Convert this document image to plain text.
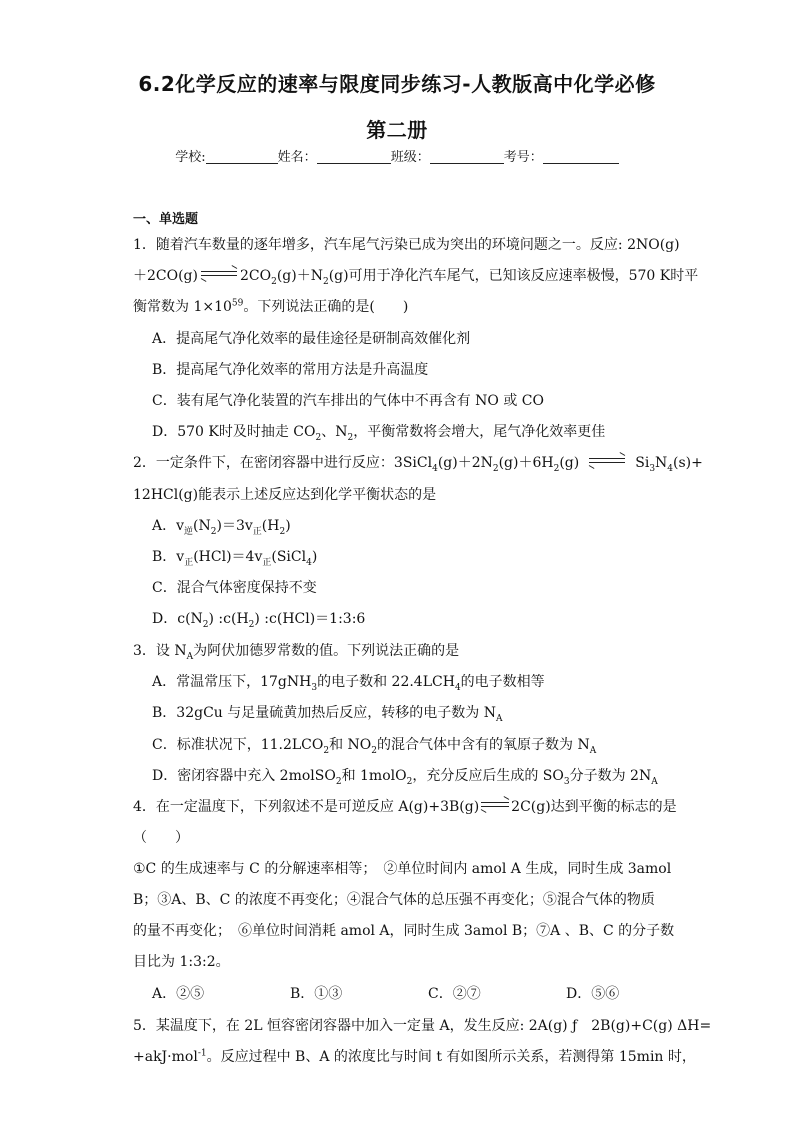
6.2化学反应的速率与限度同步练习-人教版高中化学必修
第二册
学校:	姓名：	班级：	考号：
一、单选题
1．随着汽车数量的逐年增多，汽车尾气污染已成为突出的环境问题之一。反应: 2NO(g)
＋2CO(g)	$2CO_2(g)+N_2(g)$可用于净化汽车尾气，已知该反应速率极慢，570 K时平
衡常数为 $1\times 10^{59}$。下列说法正确的是(　　)
A．提高尾气净化效率的最佳途径是研制高效催化剂
B．提高尾气净化效率的常用方法是升高温度
C．装有尾气净化装置的汽车排出的气体中不再含有 NO 或 CO
D．570 K时及时抽走 $CO_2$、$N_2$，平衡常数将会增大，尾气净化效率更佳
2．一定条件下，在密闭容器中进行反应：$3SiCl_4(g)+2N_2(g)+6H_2(g)$	$Si_3N_4(s)+$
12HCl(g)能表示上述反应达到化学平衡状态的是
A．$v_逆(N_2)=3v_正(H_2)$
B．$v_正(HCl)=4v_正(SiCl_4)$
C．混合气体密度保持不变
D．$c(N_2)$ $:c(H_2)$ :c(HCl)＝1:3:6
3．设 $N_A$为阿伏加德罗常数的值。下列说法正确的是
A．常温常压下，17gNH$_3$的电子数和 $22.4LCH_4$的电子数相等
B．32gCu 与足量硫黄加热后反应，转移的电子数为 $N_A$
C．标准状况下，$11.2LCO_2$和 $NO_2$的混合气体中含有的氧原子数为 $N_A$
D．密闭容器中充入 2molSO$_2$和 1molO$_2$，充分反应后生成的 $SO_3$分子数为 $2N_A$
4．在一定温度下，下列叙述不是可逆反应 A(g)+3B(g) 2C(g)达到平衡的标志的是
（　　）
①C 的生成速率与 C 的分解速率相等；　②单位时间内 amol A 生成，同时生成 3amol
B；③A、B、C 的浓度不再变化；④混合气体的总压强不再变化；⑤混合气体的物质
的量不再变化；　⑥单位时间消耗 amol A，同时生成 3amol B；⑦A 、B、C 的分子数
目比为 1:3:2。
A．②⑤	B．①③	C．②⑦	D．⑤⑥
5．某温度下，在 2L 恒容密闭容器中加入一定量 A，发生反应: 2A(g) ƒ　2B(g)+C(g) ΔH=
+akJ·mol$^{-1}$。反应过程中 B、A 的浓度比与时间 t 有如图所示关系，若测得第 15min 时，
